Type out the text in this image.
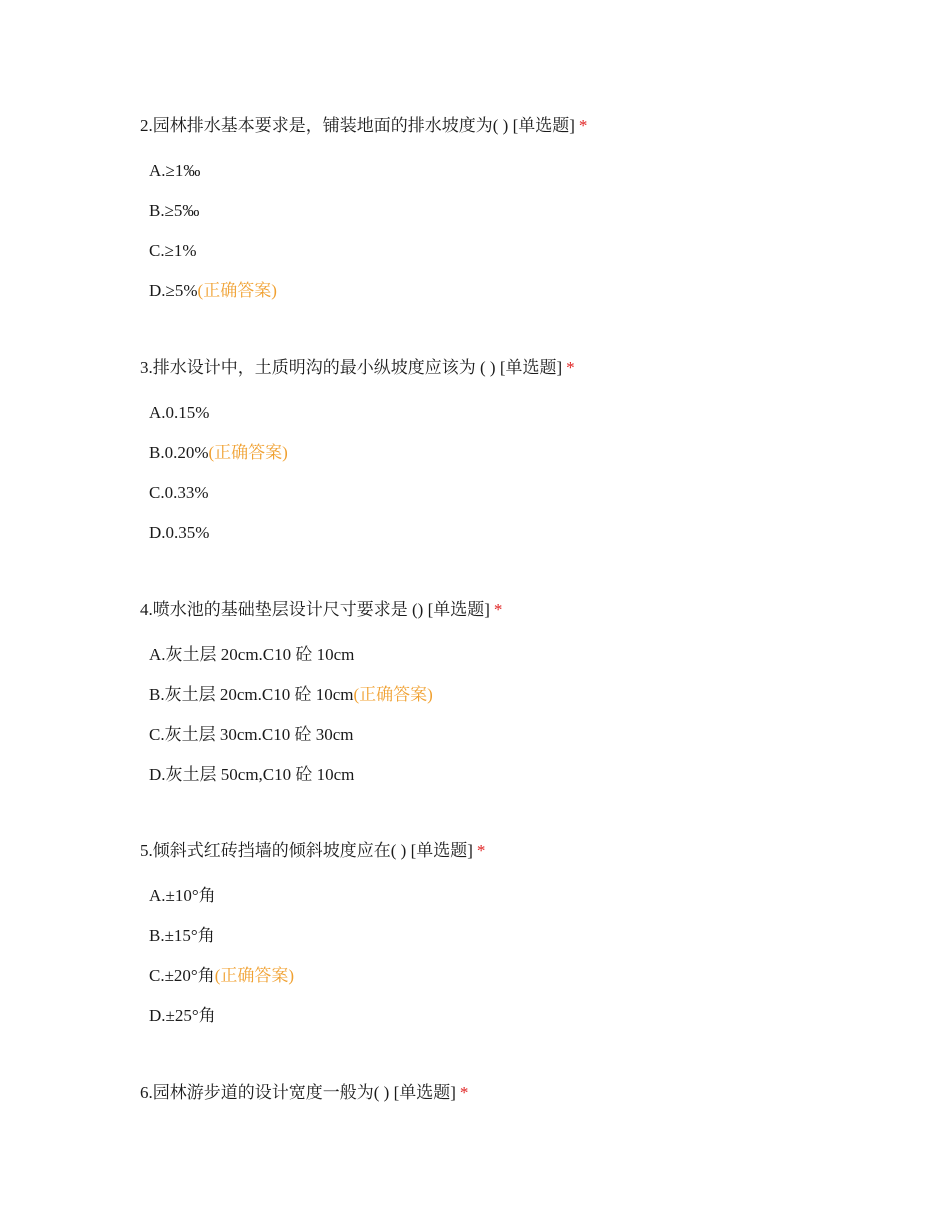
2.园林排水基本要求是，铺装地面的排水坡度为( ) [单选题] *

A.≥1‰
B.≥5‰
C.≥1%
D.≥5%(正确答案)

3.排水设计中，土质明沟的最小纵坡度应该为 ( ) [单选题] *

A.0.15%
B.0.20%(正确答案)
C.0.33%
D.0.35%

4.喷水池的基础垫层设计尺寸要求是 () [单选题] *

A.灰土层 20cm.C10 砼 10cm
B.灰土层 20cm.C10 砼 10cm(正确答案)
C.灰土层 30cm.C10 砼 30cm
D.灰土层 50cm,C10 砼 10cm

5.倾斜式红砖挡墙的倾斜坡度应在( ) [单选题] *

A.±10°角
B.±15°角
C.±20°角(正确答案)
D.±25°角

6.园林游步道的设计宽度一般为( ) [单选题] *
